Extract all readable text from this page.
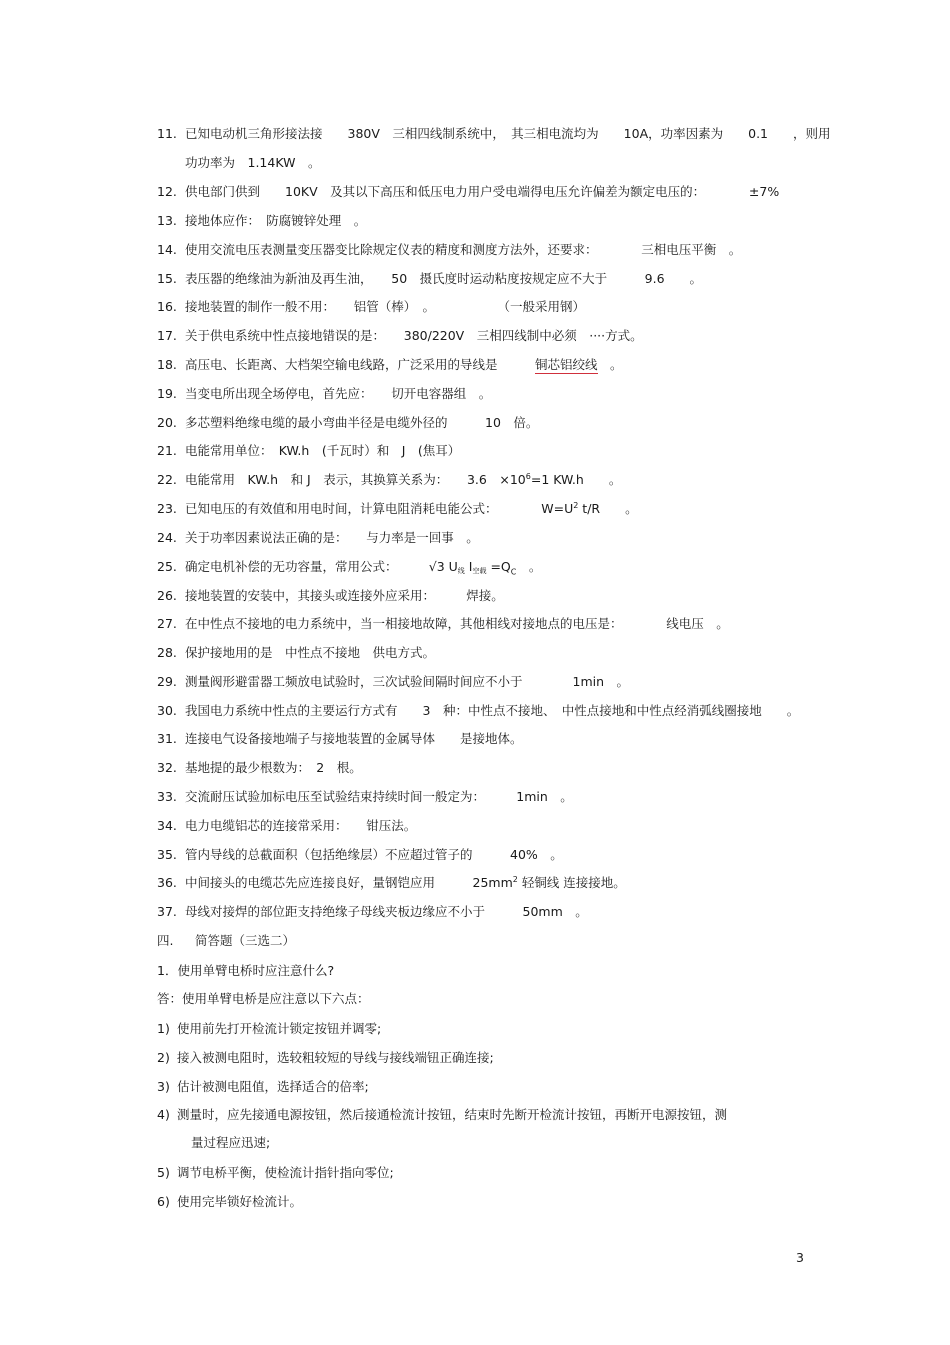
11. 已知电动机三角形接法接　　380V　三相四线制系统中，　其三相电流均为　　10A，功率因素为　　0.1　　，则用
功功率为　1.14KW　。
12. 供电部门供到　　10KV　及其以下高压和低压电力用户受电端得电压允许偏差为额定电压的：　　　　±7%
13. 接地体应作：　防腐镀锌处理　。
14. 使用交流电压表测量变压器变比除规定仪表的精度和测度方法外，还要求：　　　　三相电压平衡　。
15. 表压器的绝缘油为新油及再生油，　　50　摄氏度时运动粘度按规定应不大于　　　9.6　　。
16. 接地装置的制作一般不用：　　铝管（棒）　。　　　　　　（一般采用钢）
17. 关于供电系统中性点接地错误的是：　　380/220V　三相四线制中必须　····方式。
18. 高压电、长距离、大档架空输电线路，广泛采用的导线是　　　铜芯铝绞线　。
19. 当变电所出现全场停电，首先应：　　切开电容器组　。
20. 多芯塑料绝缘电缆的最小弯曲半径是电缆外径的　　　10　倍。
21. 电能常用单位：　KW.h　(千瓦时）和　J　(焦耳）
22. 电能常用　KW.h　和 J　表示，其换算关系为：　　3.6　$\times 10^6=1$ KW.h　　。
23. 已知电压的有效值和用电时间，计算电阻消耗电能公式：　　　　$W=U^2$ t/R　　。
24. 关于功率因素说法正确的是：　　与力率是一回事　。
25. 确定电机补偿的无功容量，常用公式：　　　√3 U线 I空载 $=Q_C$　。
26. 接地装置的安装中，其接头或连接外应采用：　　　焊接。
27. 在中性点不接地的电力系统中，当一相接地故障，其他相线对接地点的电压是：　　　　线电压　。
28. 保护接地用的是　中性点不接地　供电方式。
29. 测量阀形避雷器工频放电试验时，三次试验间隔时间应不小于　　　　1min　。
30. 我国电力系统中性点的主要运行方式有　　3　种：中性点不接地、　中性点接地和中性点经消弧线圈接地　　。
31. 连接电气设备接地端子与接地装置的金属导体　　是接地体。
32. 基地提的最少根数为：　2　根。
33. 交流耐压试验加标电压至试验结束持续时间一般定为：　　　1min　。
34. 电力电缆铝芯的连接常采用：　　钳压法。
35. 管内导线的总截面积（包括绝缘层）不应超过管子的　　　40%　。
36. 中间接头的电缆芯先应连接良好，量钢铠应用　　　$25mm^2$ 轻铜线 连接接地。
37. 母线对接焊的部位距支持绝缘子母线夹板边缘应不小于　　　50mm　。
四. 简答题（三选二）
1．使用单臂电桥时应注意什么?
答：使用单臂电桥是应注意以下六点：
1) 使用前先打开检流计锁定按钮并调零;
2) 接入被测电阻时，选较粗较短的导线与接线端钮正确连接;
3) 估计被测电阻值，选择适合的倍率;
4) 测量时，应先接通电源按钮，然后接通检流计按钮，结束时先断开检流计按钮，再断开电源按钮，测
量过程应迅速;
5) 调节电桥平衡，使检流计指针指向零位;
6) 使用完毕锁好检流计。
3
